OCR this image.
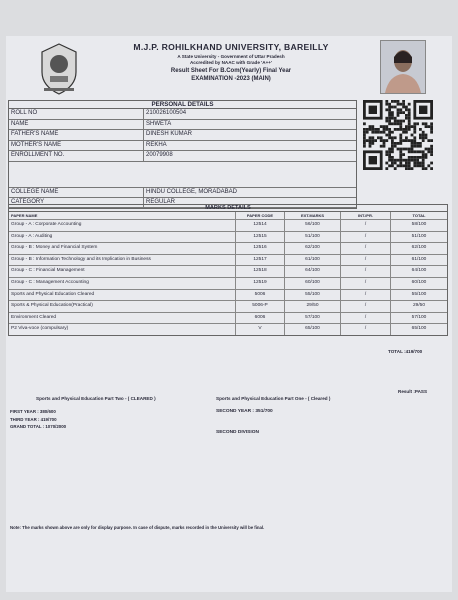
M.J.P. ROHILKHAND UNIVERSITY, BAREILLY
A State University - Government of Uttar Pradesh
Accredited by NAAC with Grade 'A++'
Result Sheet For B.Com(Yearly) Final Year
EXAMINATION -2023 (MAIN)
PERSONAL DETAILS
ROLL NO	210026100504
NAME	SHWETA
FATHER'S NAME	DINESH KUMAR
MOTHER'S NAME	REKHA
ENROLLMENT NO.	20079908
COLLEGE NAME	HINDU COLLEGE, MORADABAD
CATEGORY	REGULAR
MARKS DETAILS
PAPER NAME	PAPER CODE	EXT.MARKS	INT./PR.	TOTAL
Group - A : Corporate Accounting	12514	56/100	/	58/100
Group - A : Auditing	12515	51/100	/	51/100
Group - B : Money and Financial System	12516	62/100	/	62/100
Group - B : Information Technology and its Implication in Business	12517	61/100	/	61/100
Group - C : Financial Management	12518	64/100	/	64/100
Group - C : Management Accounting	12519	60/100	/	60/100
Sports and Physical Education Cleared	5006	55/100	/	55/100
Sports & Physical Education(Practical)	5006-P	29/50	/	29/50
Environment Cleared	6006	57/100	/	57/100
P2 Viva-voce (compulsary)	V	65/100	/	65/100
TOTAL :419/700
Result :PASS
Sports and Physical Education Part Two - ( CLEARED )	Sports and Physical Education Part One - ( Cleared )
FIRST YEAR : 380/600
THIRD YEAR : 419/700
GRAND TOTAL : 1070/2000
SECOND YEAR : 351/700
SECOND DIVISION
Note: The marks shown above are only for display purpose. In case of dispute, marks recorded in the University will be final.
